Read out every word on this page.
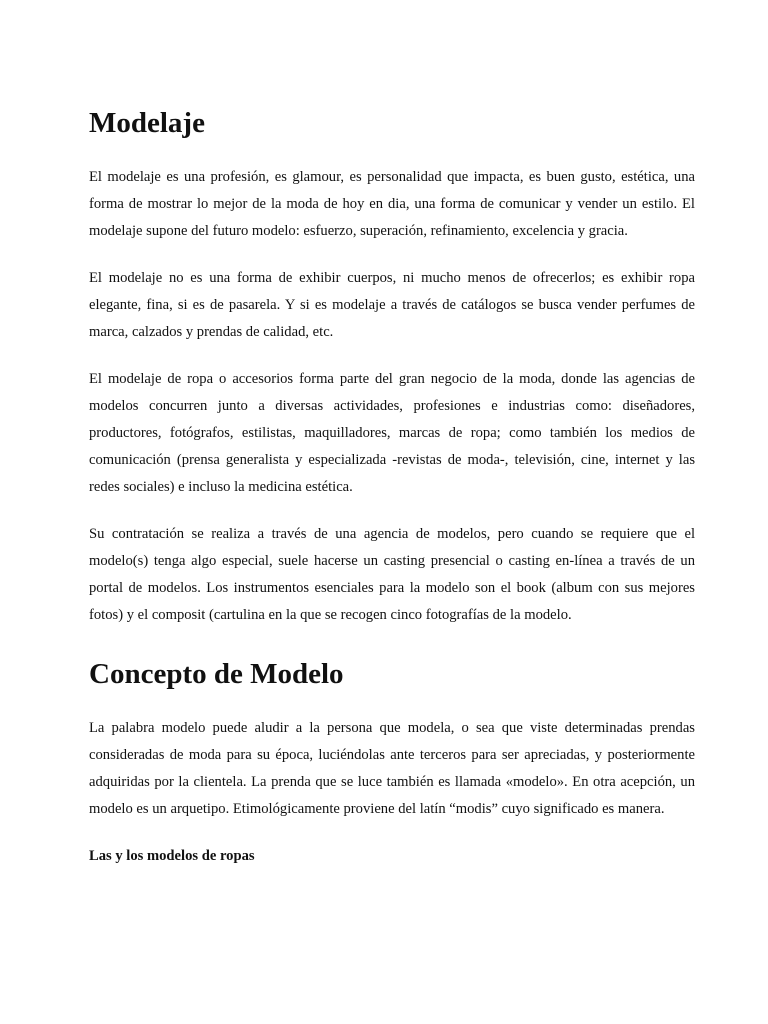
Modelaje

El modelaje es una profesión, es glamour, es personalidad que impacta, es buen gusto, estética, una forma de mostrar lo mejor de la moda de hoy en dia, una forma de comunicar y vender un estilo. El modelaje supone del futuro modelo: esfuerzo, superación, refinamiento, excelencia y gracia.

El modelaje no es una forma de exhibir cuerpos, ni mucho menos de ofrecerlos; es exhibir ropa elegante, fina, si es de pasarela. Y si es modelaje a través de catálogos se busca vender perfumes de marca, calzados y prendas de calidad, etc.

El modelaje de ropa o accesorios forma parte del gran negocio de la moda, donde las agencias de modelos concurren junto a diversas actividades, profesiones e industrias como: diseñadores, productores, fotógrafos, estilistas, maquilladores, marcas de ropa; como también los medios de comunicación (prensa generalista y especializada -revistas de moda-, televisión, cine, internet y las redes sociales) e incluso la medicina estética.

Su contratación se realiza a través de una agencia de modelos, pero cuando se requiere que el modelo(s) tenga algo especial, suele hacerse un casting presencial o casting en-línea a través de un portal de modelos. Los instrumentos esenciales para la modelo son el book (album con sus mejores fotos) y el composit (cartulina en la que se recogen cinco fotografías de la modelo.

Concepto de Modelo

La palabra modelo puede aludir a la persona que modela, o sea que viste determinadas prendas consideradas de moda para su época, luciéndolas ante terceros para ser apreciadas, y posteriormente adquiridas por la clientela. La prenda que se luce también es llamada «modelo». En otra acepción, un modelo es un arquetipo. Etimológicamente proviene del latín “modis” cuyo significado es manera.

Las y los modelos de ropas
